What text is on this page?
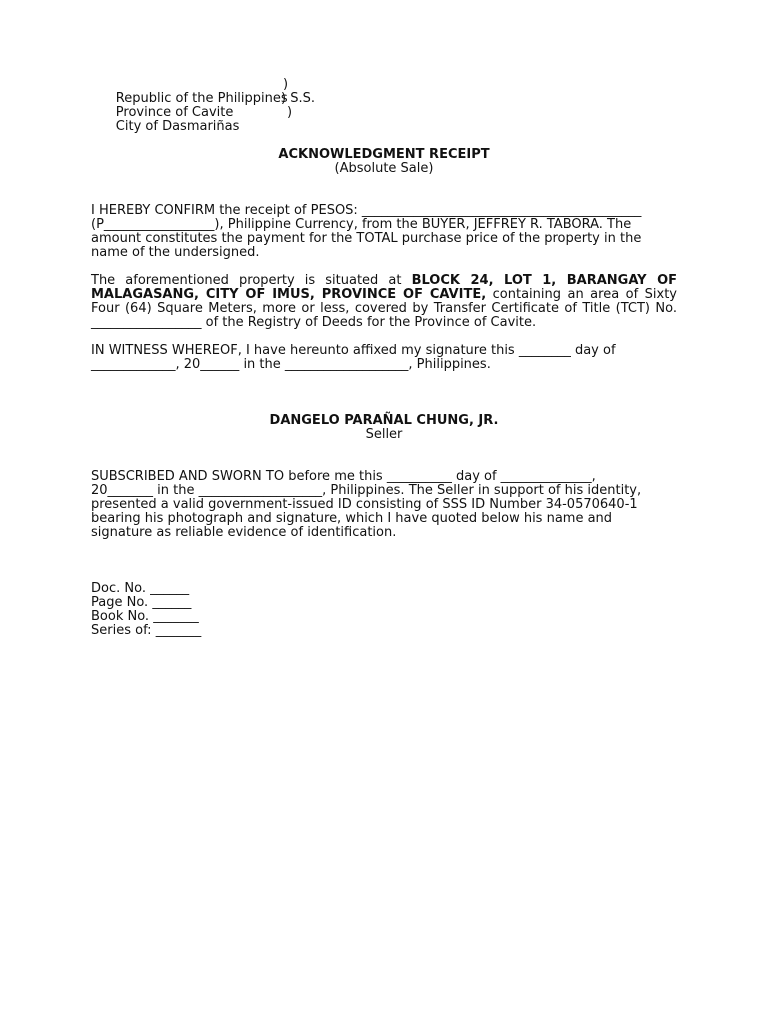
Republic of the Philippines

)

Province of Cavite

) S.S.

City of Dasmariñas

)

ACKNOWLEDGMENT RECEIPT
(Absolute Sale)
I HEREBY CONFIRM the receipt of PESOS: ___________________________________________
(P_________________), Philippine Currency, from the BUYER, JEFFREY R. TABORA. The
amount constitutes the payment for the TOTAL purchase price of the property in the
name of the undersigned.
The aforementioned property is situated at BLOCK 24, LOT 1, BARANGAY OF MALAGASANG, CITY OF IMUS, PROVINCE OF CAVITE, containing an area of Sixty Four (64) Square Meters, more or less, covered by Transfer Certificate of Title (TCT) No. _________________ of the Registry of Deeds for the Province of Cavite.
IN WITNESS WHEREOF, I have hereunto affixed my signature this ________ day of
_____________, 20______ in the ___________________, Philippines.
DANGELO PARAÑAL CHUNG, JR.
Seller
SUBSCRIBED AND SWORN TO before me this __________ day of ______________,
20_______ in the ___________________, Philippines. The Seller in support of his identity,
presented a valid government-issued ID consisting of SSS ID Number 34-0570640-1
bearing his photograph and signature, which I have quoted below his name and
signature as reliable evidence of identification.
Doc. No. ______
Page No. ______
Book No. _______
Series of: _______
